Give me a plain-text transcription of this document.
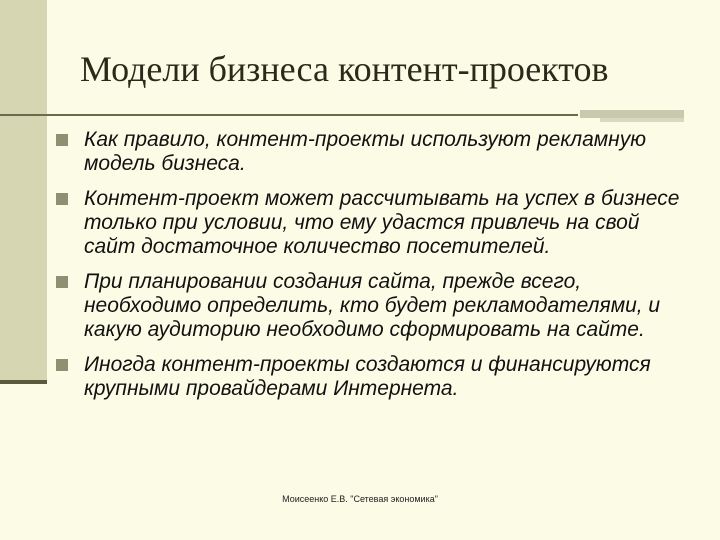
Модели бизнеса контент-проектов
Как правило, контент-проекты используют рекламную модель бизнеса.
Контент-проект может рассчитывать на успех в бизнесе только при условии, что ему удастся привлечь на свой сайт достаточное количество посетителей.
При планировании создания сайта, прежде всего, необходимо определить, кто будет рекламодателями, и какую аудиторию необходимо сформировать на сайте.
Иногда контент-проекты создаются и финансируются крупными провайдерами Интернета.
Моисеенко Е.В. "Сетевая экономика"
